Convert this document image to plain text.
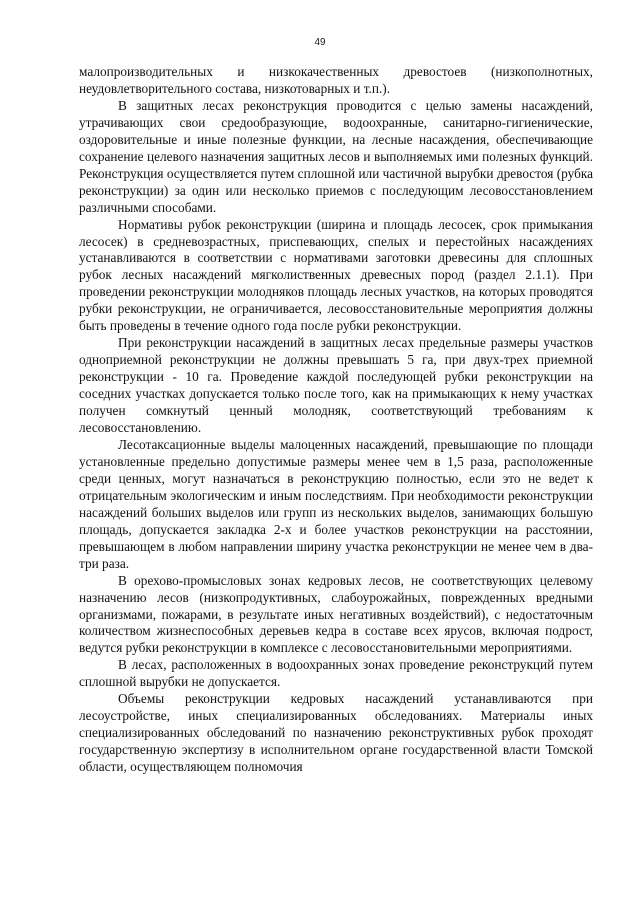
49

малопроизводительных и низкокачественных древостоев (низкополнотных, неудовлетворительного состава, низкотоварных и т.п.).

В защитных лесах реконструкция проводится с целью замены насаждений, утрачивающих свои средообразующие, водоохранные, санитарно-гигиенические, оздоровительные и иные полезные функции, на лесные насаждения, обеспечивающие сохранение целевого назначения защитных лесов и выполняемых ими полезных функций. Реконструкция осуществляется путем сплошной или частичной вырубки древостоя (рубка реконструкции) за один или несколько приемов с последующим лесовосстановлением различными способами.

Нормативы рубок реконструкции (ширина и площадь лесосек, срок примыкания лесосек) в средневозрастных, приспевающих, спелых и перестойных насаждениях устанавливаются в соответствии с нормативами заготовки древесины для сплошных рубок лесных насаждений мягколиственных древесных пород (раздел 2.1.1). При проведении реконструкции молодняков площадь лесных участков, на которых проводятся рубки реконструкции, не ограничивается, лесовосстановительные мероприятия должны быть проведены в течение одного года после рубки реконструкции.

При реконструкции насаждений в защитных лесах предельные размеры участков одноприемной реконструкции не должны превышать 5 га, при двух-трех приемной реконструкции - 10 га. Проведение каждой последующей рубки реконструкции на соседних участках допускается только после того, как на примыкающих к нему участках получен сомкнутый ценный молодняк, соответствующий требованиям к лесовосстановлению.

Лесотаксационные выделы малоценных насаждений, превышающие по площади установленные предельно допустимые размеры менее чем в 1,5 раза, расположенные среди ценных, могут назначаться в реконструкцию полностью, если это не ведет к отрицательным экологическим и иным последствиям. При необходимости реконструкции насаждений больших выделов или групп из нескольких выделов, занимающих большую площадь, допускается закладка 2-х и более участков реконструкции на расстоянии, превышающем в любом направлении ширину участка реконструкции не менее чем в два-три раза.

В орехово-промысловых зонах кедровых лесов, не соответствующих целевому назначению лесов (низкопродуктивных, слабоурожайных, поврежденных вредными организмами, пожарами, в результате иных негативных воздействий), с недостаточным количеством жизнеспособных деревьев кедра в составе всех ярусов, включая подрост, ведутся рубки реконструкции в комплексе с лесовосстановительными мероприятиями.

В лесах, расположенных в водоохранных зонах проведение реконструкций путем сплошной вырубки не допускается.

Объемы реконструкции кедровых насаждений устанавливаются при лесоустройстве, иных специализированных обследованиях. Материалы иных специализированных обследований по назначению реконструктивных рубок проходят государственную экспертизу в исполнительном органе государственной власти Томской области, осуществляющем полномочия
